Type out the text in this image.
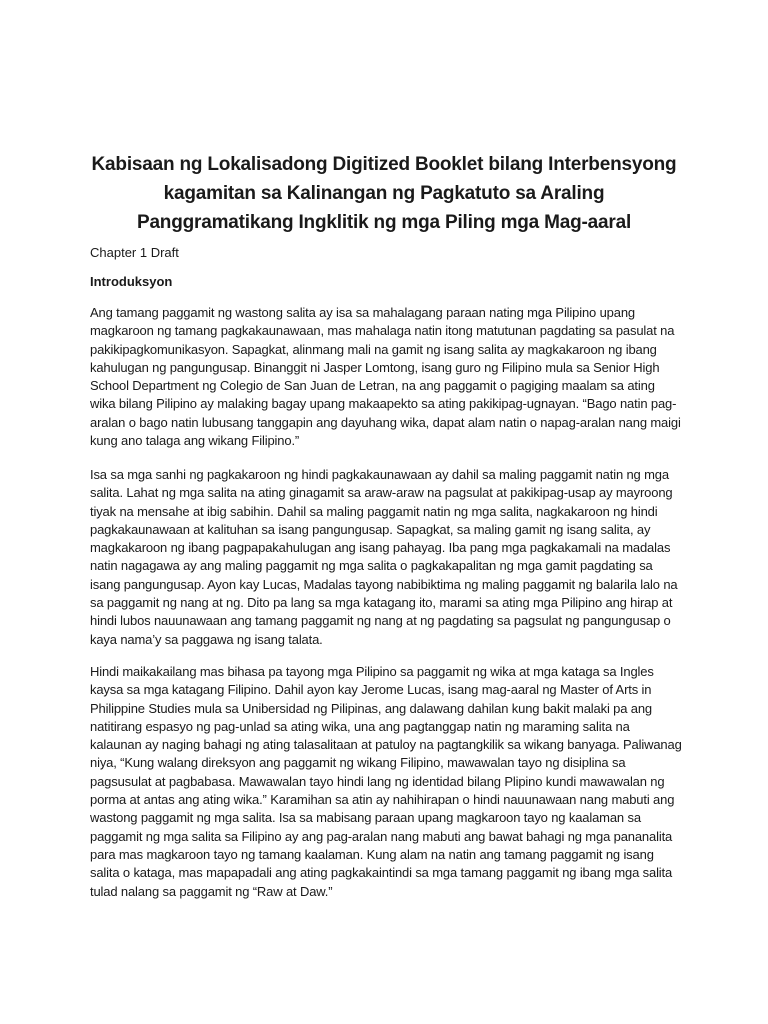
Kabisaan ng Lokalisadong Digitized Booklet bilang Interbensyong kagamitan sa Kalinangan ng Pagkatuto sa Araling Panggramatikang Ingklitik ng mga Piling mga Mag-aaral
Chapter 1 Draft
Introduksyon

Ang tamang paggamit ng wastong salita ay isa sa mahalagang paraan nating mga Pilipino upang magkaroon ng tamang pagkakaunawaan, mas mahalaga natin itong matutunan pagdating sa pasulat na pakikipagkomunikasyon. Sapagkat, alinmang mali na gamit ng isang salita ay magkakaroon ng ibang kahulugan ng pangungusap. Binanggit ni Jasper Lomtong, isang guro ng Filipino mula sa Senior High School Department ng Colegio de San Juan de Letran, na ang paggamit o pagiging maalam sa ating wika bilang Pilipino ay malaking bagay upang makaapekto sa ating pakikipag-ugnayan. “Bago natin pag-aralan o bago natin lubusang tanggapin ang dayuhang wika, dapat alam natin o napag-aralan nang maigi kung ano talaga ang wikang Filipino.”

Isa sa mga sanhi ng pagkakaroon ng hindi pagkakaunawaan ay dahil sa maling paggamit natin ng mga salita. Lahat ng mga salita na ating ginagamit sa araw-araw na pagsulat at pakikipag-usap ay mayroong tiyak na mensahe at ibig sabihin. Dahil sa maling paggamit natin ng mga salita, nagkakaroon ng hindi pagkakaunawaan at kalituhan sa isang pangungusap. Sapagkat, sa maling gamit ng isang salita, ay magkakaroon ng ibang pagpapakahulugan ang isang pahayag. Iba pang mga pagkakamali na madalas natin nagagawa ay ang maling paggamit ng mga salita o pagkakapalitan ng mga gamit pagdating sa isang pangungusap. Ayon kay Lucas, Madalas tayong nabibiktima ng maling paggamit ng balarila lalo na sa paggamit ng nang at ng. Dito pa lang sa mga katagang ito, marami sa ating mga Pilipino ang hirap at hindi lubos nauunawaan ang tamang paggamit ng nang at ng pagdating sa pagsulat ng pangungusap o kaya nama’y sa paggawa ng isang talata.

Hindi maikakailang mas bihasa pa tayong mga Pilipino sa paggamit ng wika at mga kataga sa Ingles kaysa sa mga katagang Filipino. Dahil ayon kay Jerome Lucas, isang mag-aaral ng Master of Arts in Philippine Studies mula sa Unibersidad ng Pilipinas, ang dalawang dahilan kung bakit malaki pa ang natitirang espasyo ng pag-unlad sa ating wika, una ang pagtanggap natin ng maraming salita na kalaunan ay naging bahagi ng ating talasalitaan at patuloy na pagtangkilik sa wikang banyaga. Paliwanag niya, “Kung walang direksyon ang paggamit ng wikang Filipino, mawawalan tayo ng disiplina sa pagsusulat at pagbabasa. Mawawalan tayo hindi lang ng identidad bilang Plipino kundi mawawalan ng porma at antas ang ating wika.” Karamihan sa atin ay nahihirapan o hindi nauunawaan nang mabuti ang wastong paggamit ng mga salita. Isa sa mabisang paraan upang magkaroon tayo ng kaalaman sa paggamit ng mga salita sa Filipino ay ang pag-aralan nang mabuti ang bawat bahagi ng mga pananalita para mas magkaroon tayo ng tamang kaalaman. Kung alam na natin ang tamang paggamit ng isang salita o kataga, mas mapapadali ang ating pagkakaintindi sa mga tamang paggamit ng ibang mga salita tulad nalang sa paggamit ng “Raw at Daw.”
